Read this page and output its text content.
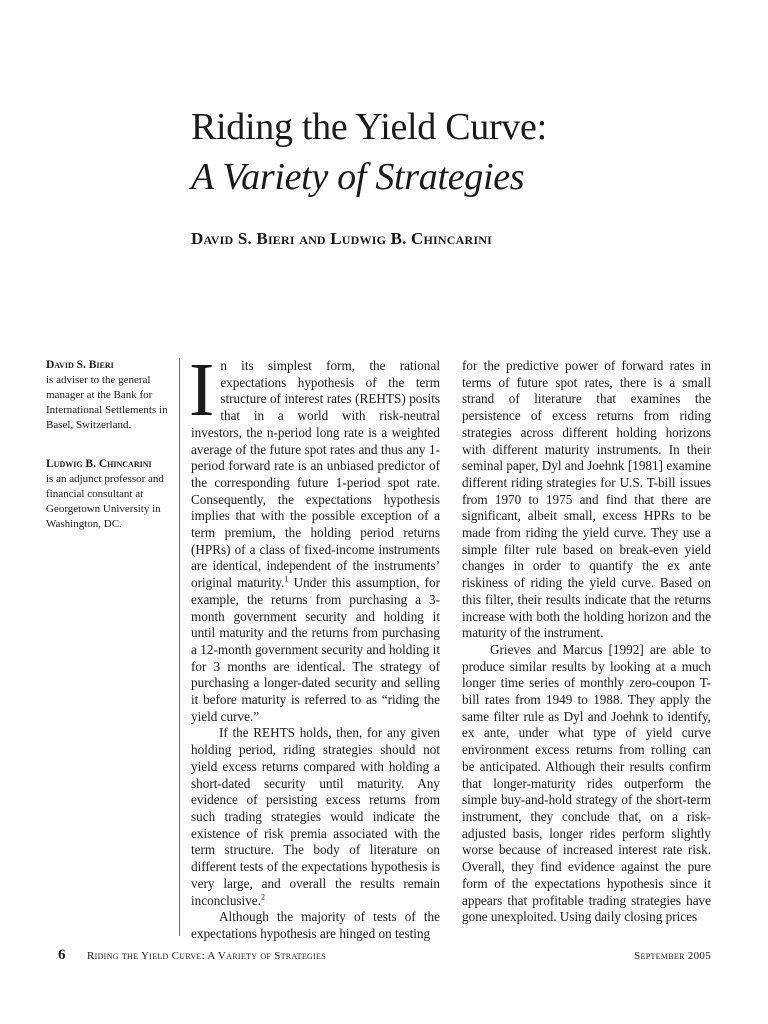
Riding the Yield Curve:
A Variety of Strategies
David S. Bieri and Ludwig B. Chincarini
David S. Bieri
is adviser to the general manager at the Bank for International Settlements in Basel, Switzerland.
Ludwig B. Chincarini
is an adjunct professor and financial consultant at Georgetown University in Washington, DC.

In its simplest form, the rational expectations hypothesis of the term structure of interest rates (REHTS) posits that in a world with risk-neutral investors, the n-period long rate is a weighted average of the future spot rates and thus any 1-period forward rate is an unbiased predictor of the corresponding future 1-period spot rate. Consequently, the expectations hypothesis implies that with the possible exception of a term premium, the holding period returns (HPRs) of a class of fixed-income instruments are identical, independent of the instruments’ original maturity.$^1$ Under this assumption, for example, the returns from purchasing a 3-month government security and holding it until maturity and the returns from purchasing a 12-month government security and holding it for 3 months are identical. The strategy of purchasing a longer-dated security and selling it before maturity is referred to as “riding the yield curve.”

If the REHTS holds, then, for any given holding period, riding strategies should not yield excess returns compared with holding a short-dated security until maturity. Any evidence of persisting excess returns from such trading strategies would indicate the existence of risk premia associated with the term structure. The body of literature on different tests of the expectations hypothesis is very large, and overall the results remain inconclusive.$^2$

Although the majority of tests of the expectations hypothesis are hinged on testing

for the predictive power of forward rates in terms of future spot rates, there is a small strand of literature that examines the persistence of excess returns from riding strategies across different holding horizons with different maturity instruments. In their seminal paper, Dyl and Joehnk [1981] examine different riding strategies for U.S. T-bill issues from 1970 to 1975 and find that there are significant, albeit small, excess HPRs to be made from riding the yield curve. They use a simple filter rule based on break-even yield changes in order to quantify the ex ante riskiness of riding the yield curve. Based on this filter, their results indicate that the returns increase with both the holding horizon and the maturity of the instrument.

Grieves and Marcus [1992] are able to produce similar results by looking at a much longer time series of monthly zero-coupon T-bill rates from 1949 to 1988. They apply the same filter rule as Dyl and Joehnk to identify, ex ante, under what type of yield curve environment excess returns from rolling can be anticipated. Although their results confirm that longer-maturity rides outperform the simple buy-and-hold strategy of the short-term instrument, they conclude that, on a risk-adjusted basis, longer rides perform slightly worse because of increased interest rate risk. Overall, they find evidence against the pure form of the expectations hypothesis since it appears that profitable trading strategies have gone unexploited. Using daily closing prices

6 Riding the Yield Curve: A Variety of Strategies	September 2005
